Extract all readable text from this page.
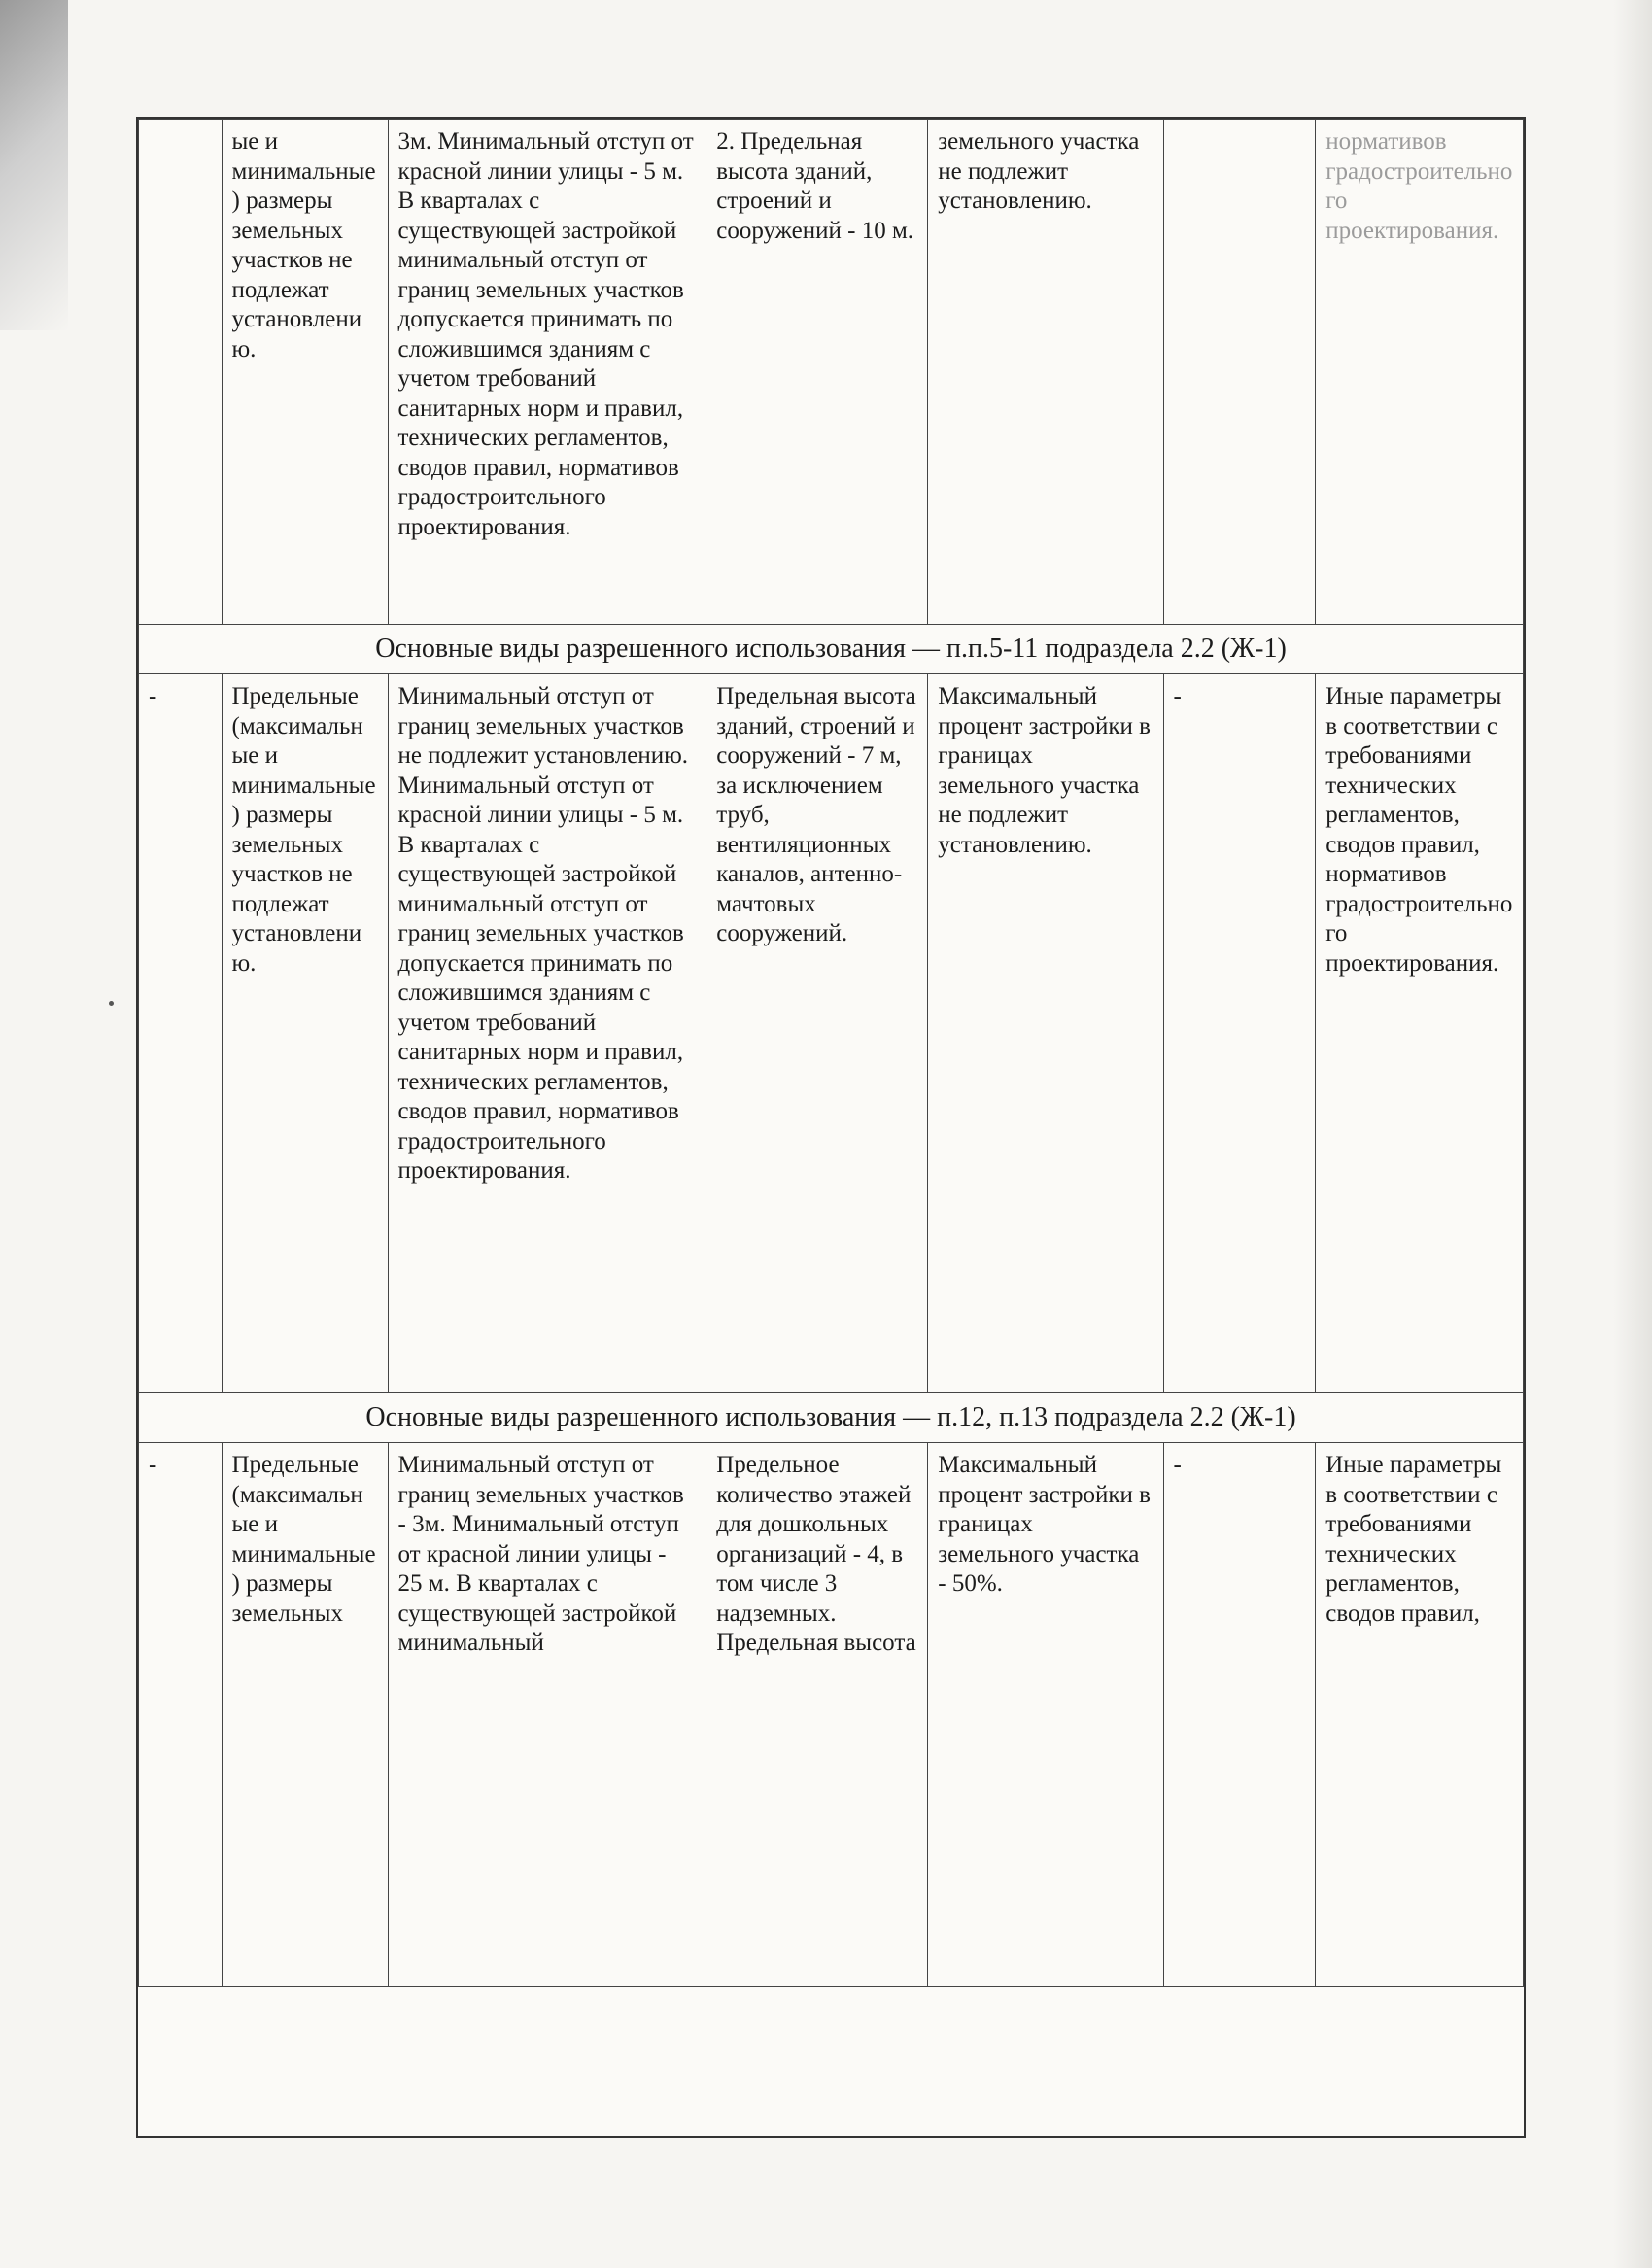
	ые и минимальные) размеры земельных участков не подлежат установлению.	3м. Минимальный отступ от красной линии улицы - 5 м. В кварталах с существующей застройкой минимальный отступ от границ земельных участков допускается принимать по сложившимся зданиям с учетом требований санитарных норм и правил, технических регламентов, сводов правил, нормативов градостроительного проектирования.	2. Предельная высота зданий, строений и сооружений - 10 м.	земельного участка не подлежит установлению.		нормативов градостроительного проектирования.
Основные виды разрешенного использования — п.п.5-11 подраздела 2.2 (Ж-1)						
-	Предельные (максимальные и минимальные) размеры земельных участков не подлежат установлению.	Минимальный отступ от границ земельных участков не подлежит установлению. Минимальный отступ от красной линии улицы - 5 м. В кварталах с существующей застройкой минимальный отступ от границ земельных участков допускается принимать по сложившимся зданиям с учетом требований санитарных норм и правил, технических регламентов, сводов правил, нормативов градостроительного проектирования.	Предельная высота зданий, строений и сооружений - 7 м, за исключением труб, вентиляционных каналов, антенно-мачтовых сооружений.	Максимальный процент застройки в границах земельного участка не подлежит установлению.	-	Иные параметры в соответствии с требованиями технических регламентов, сводов правил, нормативов градостроительного проектирования.
Основные виды разрешенного использования — п.12, п.13 подраздела 2.2 (Ж-1)						
-	Предельные (максимальные и минимальные) размеры земельных	Минимальный отступ от границ земельных участков - 3м. Минимальный отступ от красной линии улицы - 25 м. В кварталах с существующей застройкой минимальный	Предельное количество этажей для дошкольных организаций - 4, в том числе 3 надземных. Предельная высота	Максимальный процент застройки в границах земельного участка - 50%.	-	Иные параметры в соответствии с требованиями технических регламентов, сводов правил,
